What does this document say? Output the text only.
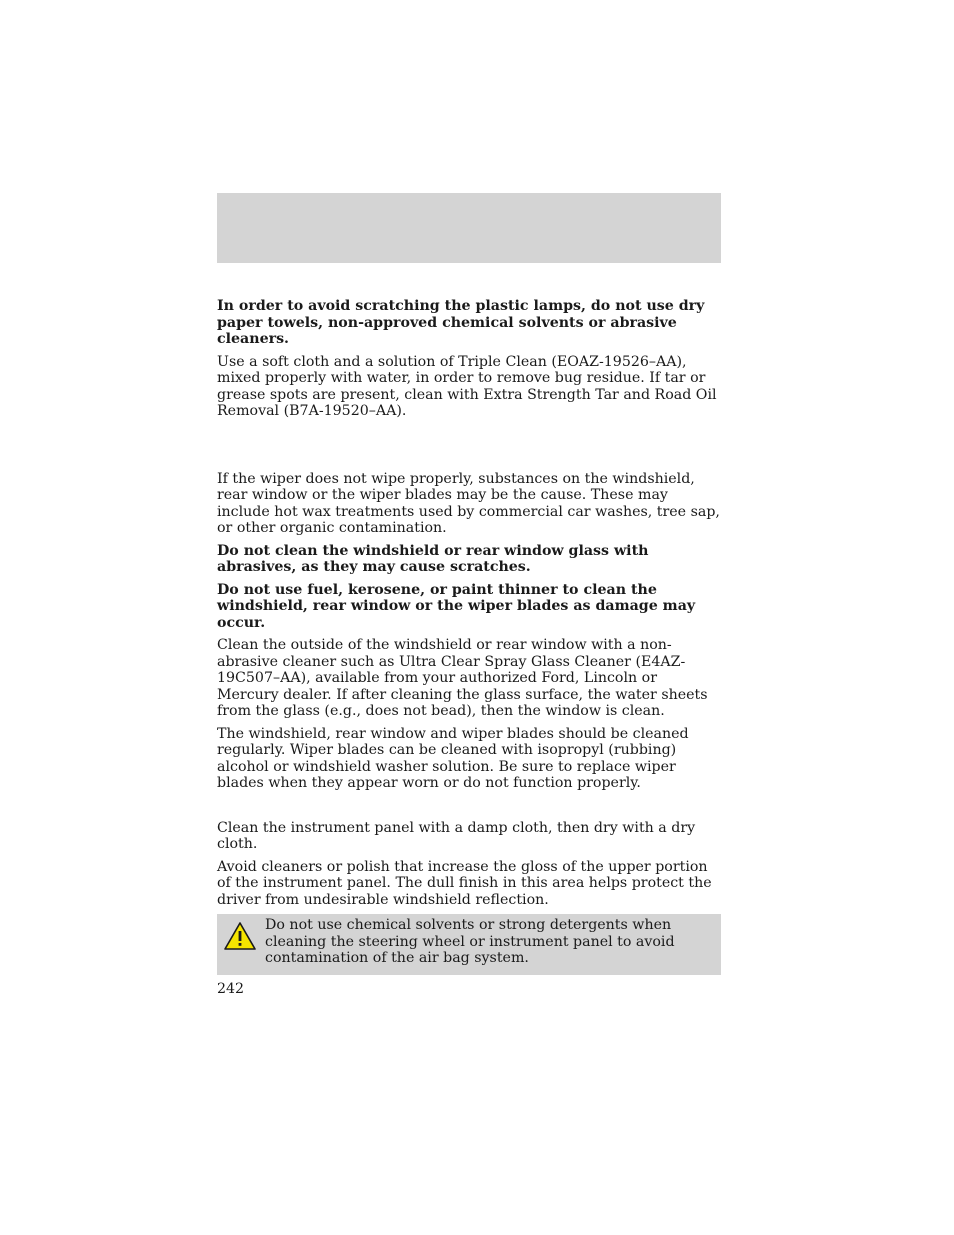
In order to avoid scratching the plastic lamps, do not use dry paper towels, non-approved chemical solvents or abrasive cleaners.

Use a soft cloth and a solution of Triple Clean (EOAZ-19526–AA), mixed properly with water, in order to remove bug residue. If tar or grease spots are present, clean with Extra Strength Tar and Road Oil Removal (B7A-19520–AA).

If the wiper does not wipe properly, substances on the windshield, rear window or the wiper blades may be the cause. These may include hot wax treatments used by commercial car washes, tree sap, or other organic contamination.

Do not clean the windshield or rear window glass with abrasives, as they may cause scratches.

Do not use fuel, kerosene, or paint thinner to clean the windshield, rear window or the wiper blades as damage may occur.

Clean the outside of the windshield or rear window with a non-abrasive cleaner such as Ultra Clear Spray Glass Cleaner (E4AZ-19C507–AA), available from your authorized Ford, Lincoln or Mercury dealer. If after cleaning the glass surface, the water sheets from the glass (e.g., does not bead), then the window is clean.

The windshield, rear window and wiper blades should be cleaned regularly. Wiper blades can be cleaned with isopropyl (rubbing) alcohol or windshield washer solution. Be sure to replace wiper blades when they appear worn or do not function properly.

Clean the instrument panel with a damp cloth, then dry with a dry cloth.

Avoid cleaners or polish that increase the gloss of the upper portion of the instrument panel. The dull finish in this area helps protect the driver from undesirable windshield reflection.

Do not use chemical solvents or strong detergents when cleaning the steering wheel or instrument panel to avoid contamination of the air bag system.

242
